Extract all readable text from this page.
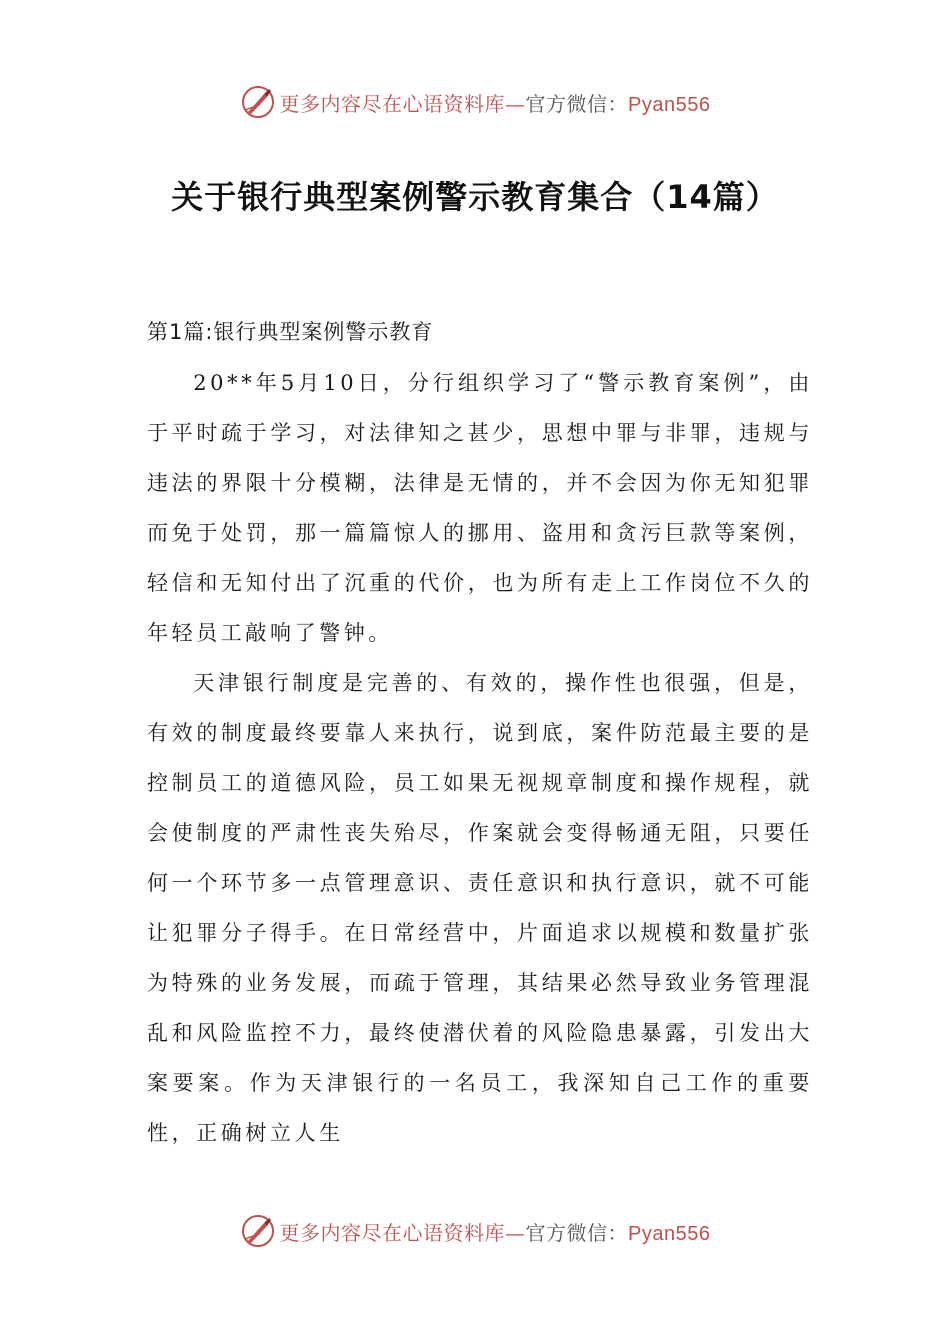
更多内容尽在心语资料库—官方微信：Pyan556
关于银行典型案例警示教育集合（14篇）
第1篇:银行典型案例警示教育

20**年5月10日，分行组织学习了“警示教育案例”，由于平时疏于学习，对法律知之甚少，思想中罪与非罪，违规与违法的界限十分模糊，法律是无情的，并不会因为你无知犯罪而免于处罚，那一篇篇惊人的挪用、盗用和贪污巨款等案例，轻信和无知付出了沉重的代价，也为所有走上工作岗位不久的年轻员工敲响了警钟。

天津银行制度是完善的、有效的，操作性也很强，但是，有效的制度最终要靠人来执行，说到底，案件防范最主要的是控制员工的道德风险，员工如果无视规章制度和操作规程，就会使制度的严肃性丧失殆尽，作案就会变得畅通无阻，只要任何一个环节多一点管理意识、责任意识和执行意识，就不可能让犯罪分子得手。在日常经营中，片面追求以规模和数量扩张为特殊的业务发展，而疏于管理，其结果必然导致业务管理混乱和风险监控不力，最终使潜伏着的风险隐患暴露，引发出大案要案。作为天津银行的一名员工，我深知自己工作的重要性，正确树立人生

更多内容尽在心语资料库—官方微信：Pyan556
